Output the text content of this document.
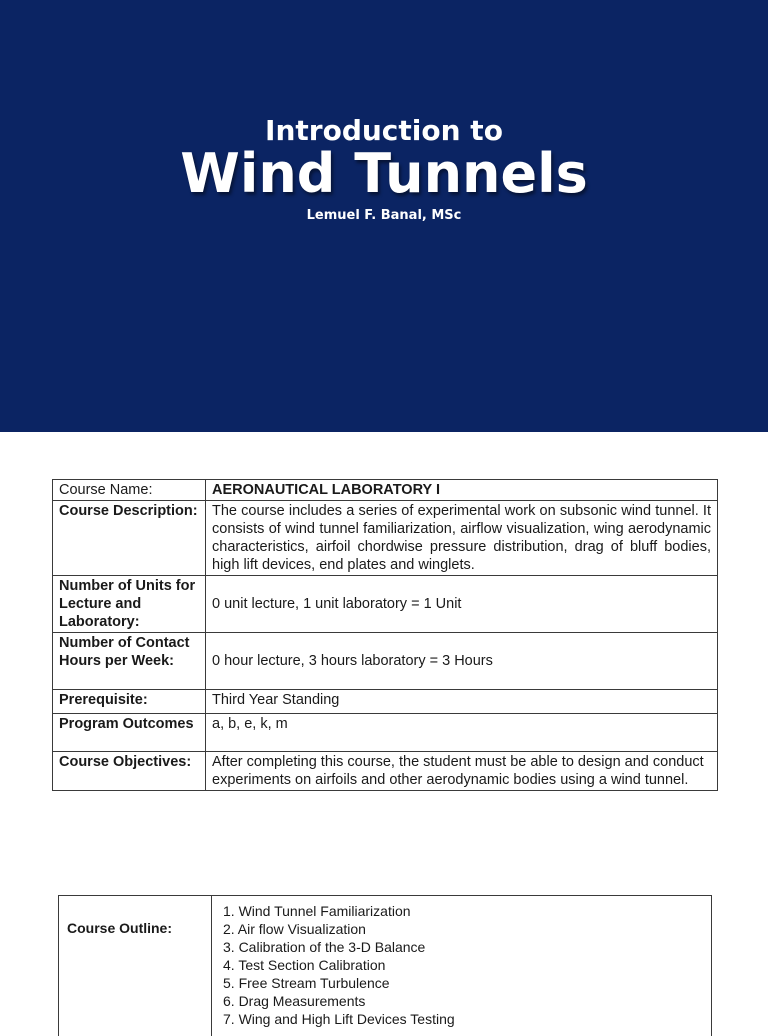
Introduction to
Wind Tunnels
Lemuel F. Banal, MSc
Course Name:	AERONAUTICAL LABORATORY I
Course Description:	The course includes a series of experimental work on subsonic wind tunnel. It consists of wind tunnel familiarization, airflow visualization, wing aerodynamic characteristics, airfoil chordwise pressure distribution, drag of bluff bodies, high lift devices, end plates and winglets.
Number of Units for Lecture and Laboratory:	0 unit lecture, 1 unit laboratory = 1 Unit
Number of Contact Hours per Week:	0 hour lecture, 3 hours laboratory = 3 Hours
Prerequisite:	Third Year Standing
Program Outcomes	a, b, e, k, m
Course Objectives:	After completing this course, the student must be able to design and conduct experiments on airfoils and other aerodynamic bodies using a wind tunnel.
Course Outline:
1. Wind Tunnel Familiarization
2. Air flow Visualization
3. Calibration of the 3-D Balance
4. Test Section Calibration
5. Free Stream Turbulence
6. Drag Measurements
7. Wing and High Lift Devices Testing
